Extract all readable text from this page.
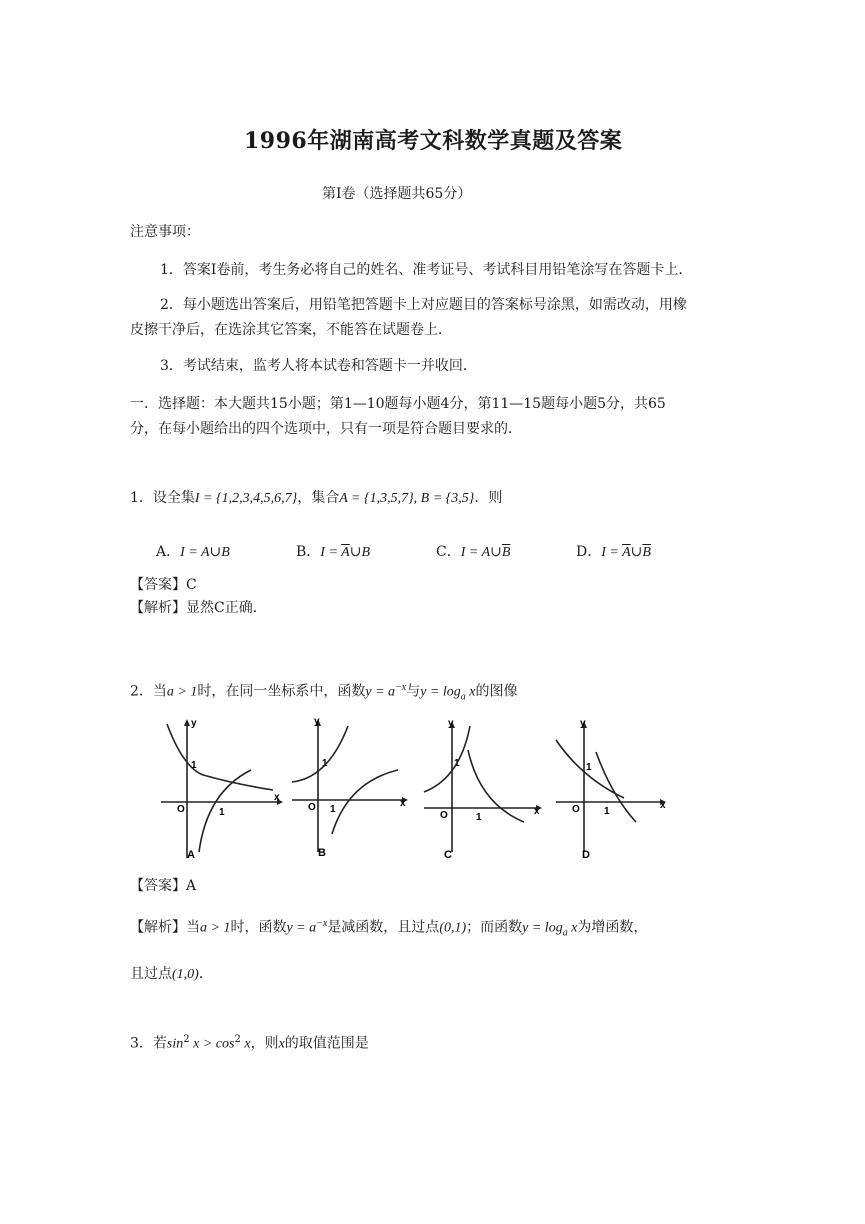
1996年湖南高考文科数学真题及答案
第Ⅰ卷（选择题共65分）
注意事项：
1．答案Ⅰ卷前，考生务必将自己的姓名、准考证号、考试科目用铅笔涂写在答题卡上．
2．每小题选出答案后，用铅笔把答题卡上对应题目的答案标号涂黑，如需改动，用橡
皮擦干净后，在选涂其它答案，不能答在试题卷上．
3．考试结束，监考人将本试卷和答题卡一并收回．
一．选择题：本大题共15小题；第1—10题每小题4分，第11—15题每小题5分，共65
分，在每小题给出的四个选项中，只有一项是符合题目要求的．
1．设全集I = {1,2,3,4,5,6,7}，集合A = {1,3,5,7}, B = {3,5}．则
A．I = A∪B	B．$I = \overline{A}\cup B$	C．$I = A\cup\overline{B}$	D．$I = \overline{A}\cup\overline{B}$
【答案】C
【解析】显然C正确．
2．当a > 1时，在同一坐标系中，函数$y = a^{-x}$与$y = \log_a x$的图像
y
x
O
1
1
A
y
x
O
1
1
B
y
x
O
1
1
C
y
x
O
1
1
D
【答案】A
【解析】当a > 1时，函数$y = a^{-x}$是减函数，且过点(0,1)；而函数$y = \log_a x$为增函数，
且过点(1,0)．
3．若$\sin^2 x > \cos^2 x$，则x的取值范围是
